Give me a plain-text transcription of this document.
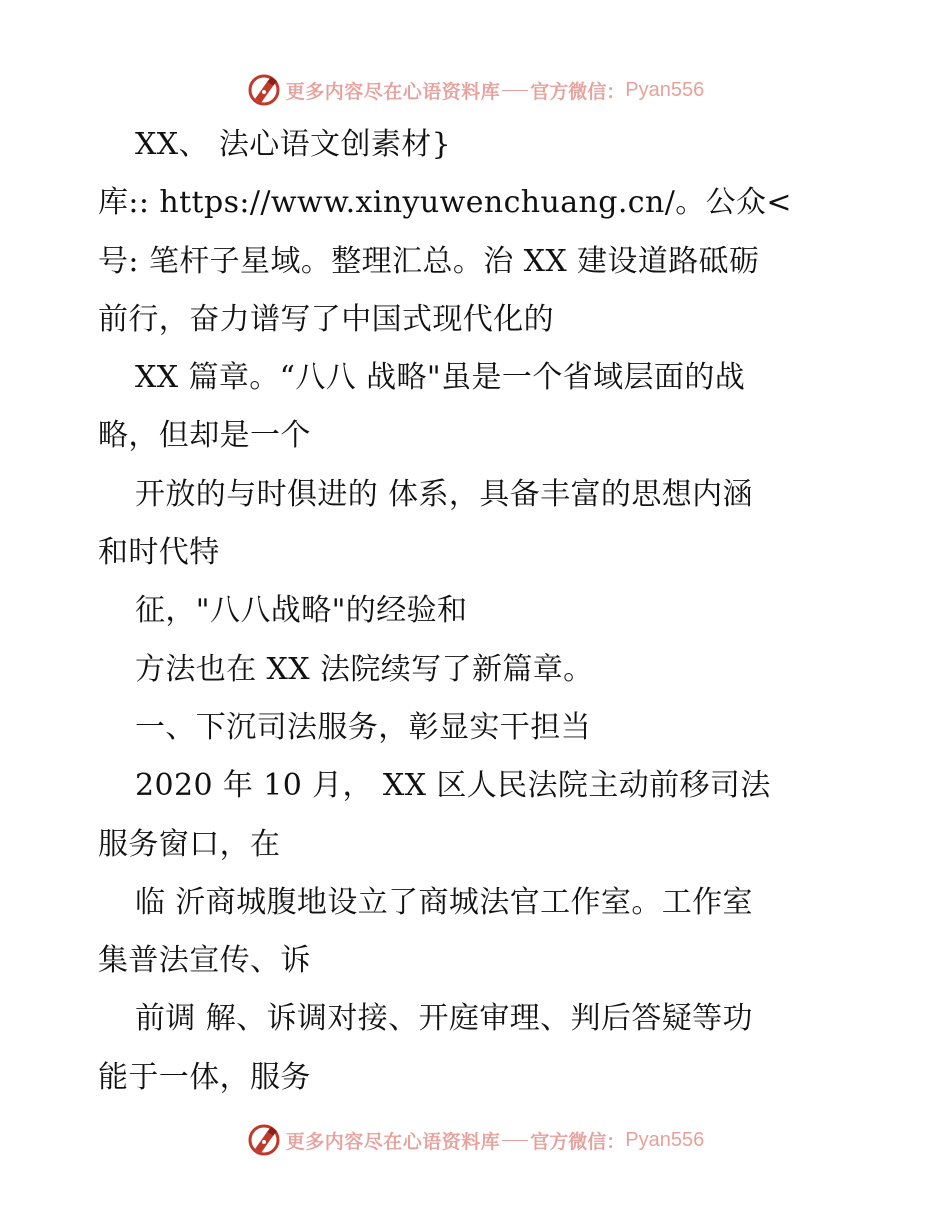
更多内容尽在心语资料库 官方微信： Pyan556
XX、 法心语文创素材}
库:: https://www.xinyuwenchuang.cn/。公众<
号: 笔杆子星域。整理汇总。治 XX 建设道路砥砺
前行，奋力谱写了中国式现代化的
XX 篇章。“八八 战略"虽是一个省域层面的战
略，但却是一个
开放的与时俱进的 体系，具备丰富的思想内涵
和时代特
征，"八八战略"的经验和
方法也在 XX 法院续写了新篇章。
一、下沉司法服务，彰显实干担当
2020 年 10 月， XX 区人民法院主动前移司法
服务窗口，在
临 沂商城腹地设立了商城法官工作室。工作室
集普法宣传、诉
前调 解、诉调对接、开庭审理、判后答疑等功
能于一体，服务
更多内容尽在心语资料库 官方微信： Pyan556
